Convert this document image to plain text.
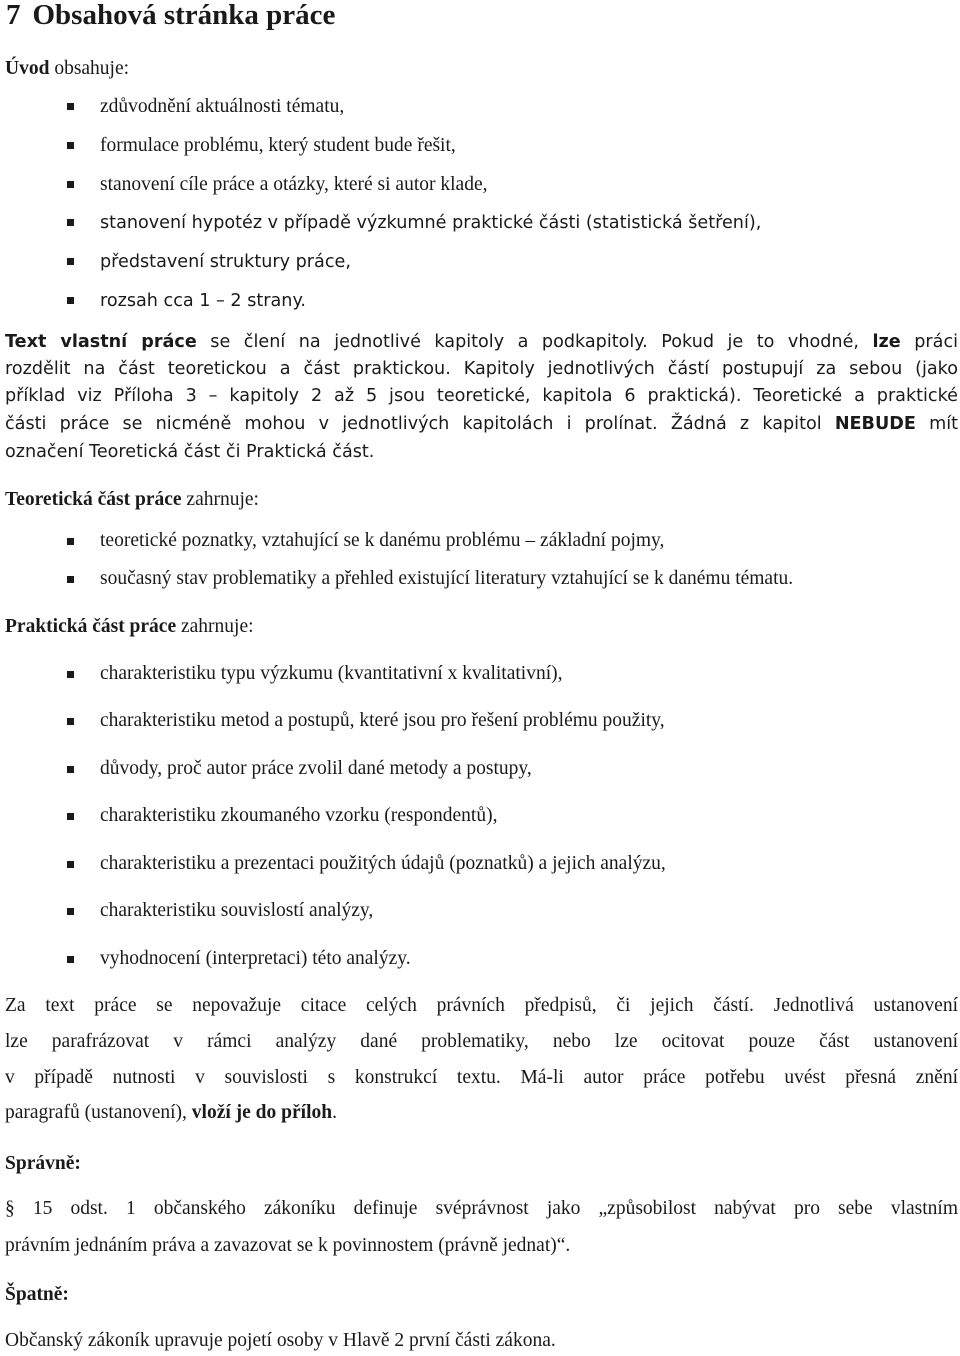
7 Obsahová stránka práce
Úvod obsahuje:
zdůvodnění aktuálnosti tématu,
formulace problému, který student bude řešit,
stanovení cíle práce a otázky, které si autor klade,
stanovení hypotéz v případě výzkumné praktické části (statistická šetření),
představení struktury práce,
rozsah cca 1 – 2 strany.
Text vlastní práce se člení na jednotlivé kapitoly a podkapitoly. Pokud je to vhodné, lze práci
rozdělit na část teoretickou a část praktickou. Kapitoly jednotlivých částí postupují za sebou (jako
příklad viz Příloha 3 – kapitoly 2 až 5 jsou teoretické, kapitola 6 praktická). Teoretické a praktické
části práce se nicméně mohou v jednotlivých kapitolách i prolínat. Žádná z kapitol NEBUDE mít
označení Teoretická část či Praktická část.
Teoretická část práce zahrnuje:
teoretické poznatky, vztahující se k danému problému – základní pojmy,
současný stav problematiky a přehled existující literatury vztahující se k danému tématu.
Praktická část práce zahrnuje:
charakteristiku typu výzkumu (kvantitativní x kvalitativní),
charakteristiku metod a postupů, které jsou pro řešení problému použity,
důvody, proč autor práce zvolil dané metody a postupy,
charakteristiku zkoumaného vzorku (respondentů),
charakteristiku a prezentaci použitých údajů (poznatků) a jejich analýzu,
charakteristiku souvislostí analýzy,
vyhodnocení (interpretaci) této analýzy.
Za text práce se nepovažuje citace celých právních předpisů, či jejich částí. Jednotlivá ustanovení
lze parafrázovat v rámci analýzy dané problematiky, nebo lze ocitovat pouze část ustanovení
v případě nutnosti v souvislosti s konstrukcí textu. Má-li autor práce potřebu uvést přesná znění
paragrafů (ustanovení), vloží je do příloh.
Správně:
§ 15 odst. 1 občanského zákoníku definuje svéprávnost jako „způsobilost nabývat pro sebe vlastním
právním jednáním práva a zavazovat se k povinnostem (právně jednat)“.
Špatně:
Občanský zákoník upravuje pojetí osoby v Hlavě 2 první části zákona.
